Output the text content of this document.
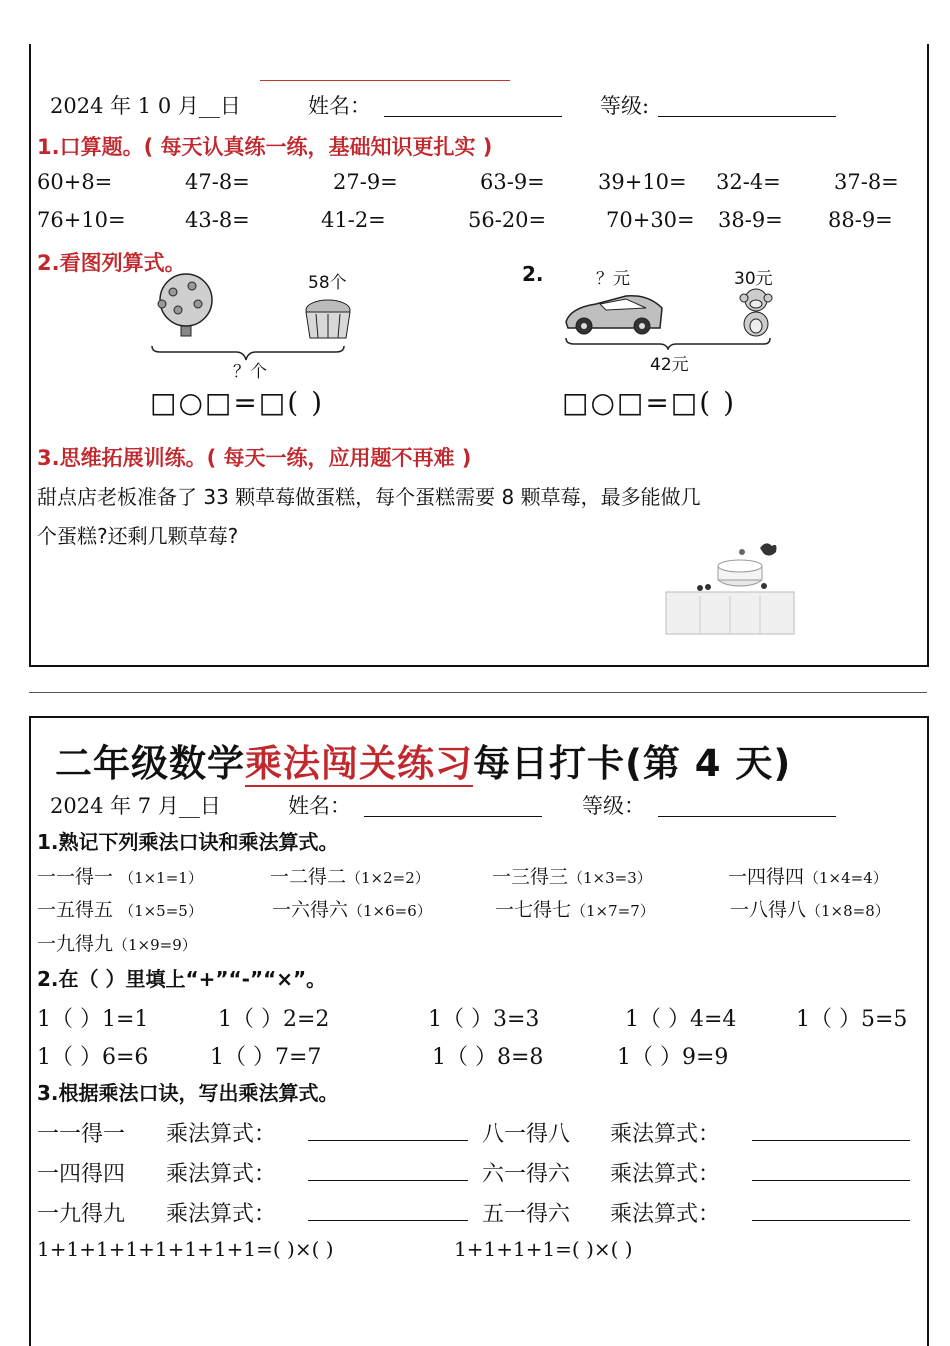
2024 年 1 0 月__日	姓名：	等级:
1.口算题。( 每天认真练一练，基础知识更扎实 )
60+8=	47-8=	27-9=	63-9=	39+10= 32-4=	37-8=
76+10=	43-8=	41-2=	56-20=	70+30= 38-9= 88-9=
2.看图列算式。
58个
？个
□○□=□( )
2.	？元	30元
42元
□○□=□( )
3.思维拓展训练。( 每天一练，应用题不再难 )
甜点店老板准备了 33 颗草莓做蛋糕，每个蛋糕需要 8 颗草莓，最多能做几
个蛋糕?还剩几颗草莓?
二年级数学乘法闯关练习每日打卡(第 4 天)
2024 年 7 月__日	姓名：	等级：
1.熟记下列乘法口诀和乘法算式。
一一得一 （1×1=1）	一二得二（1×2=2）	一三得三（1×3=3）	一四得四（1×4=4）
一五得五 （1×5=5）	一六得六（1×6=6）	一七得七（1×7=7）	一八得八（1×8=8）
一九得九（1×9=9）
2.在（ ）里填上“+”“-”“×”。
1（ ）1=1	1（ ）2=2	1（ ）3=3	1（ ）4=4	1（ ）5=5
1（ ）6=6	1（ ）7=7	1（ ）8=8	1（ ）9=9
3.根据乘法口诀，写出乘法算式。
一一得一 乘法算式：	八一得八 乘法算式：
一四得四 乘法算式：	六一得六 乘法算式：
一九得九 乘法算式：	五一得六 乘法算式：
1+1+1+1+1+1+1+1=( )×( )	1+1+1+1=( )×( )
